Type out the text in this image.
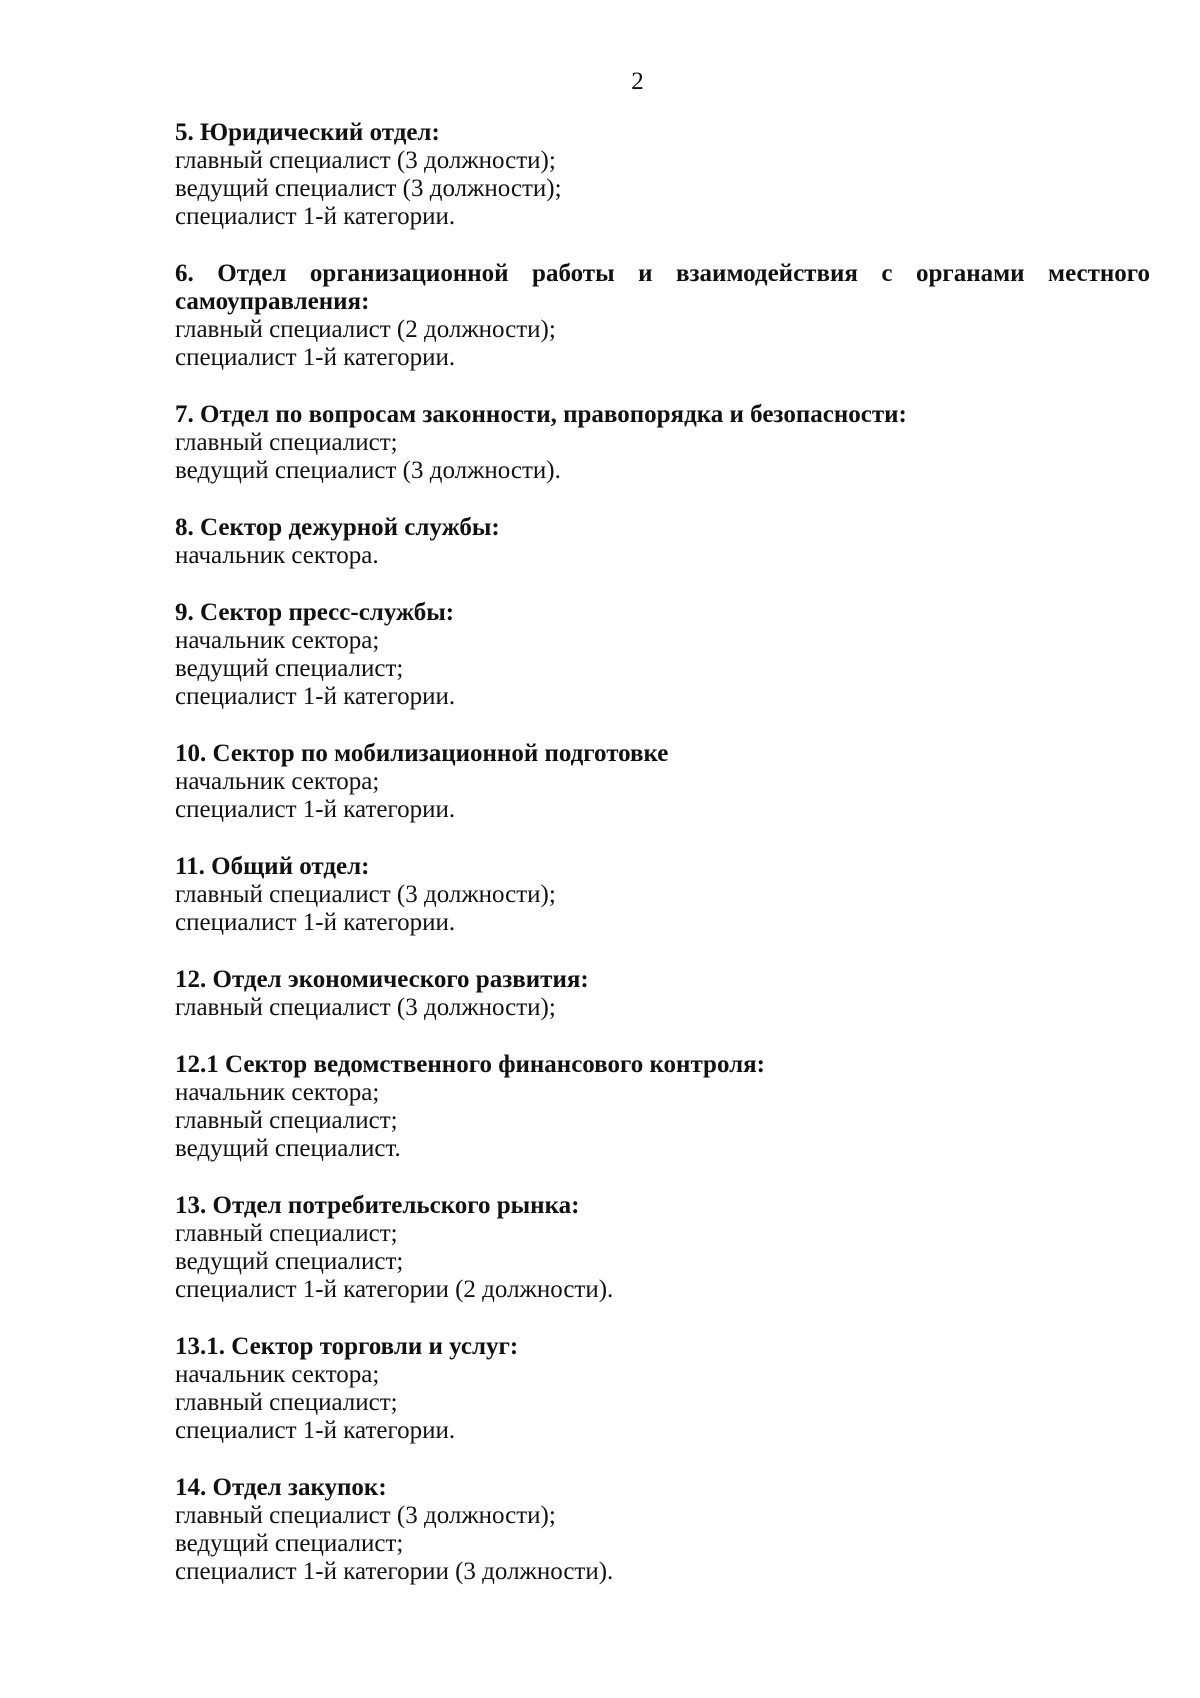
2

5. Юридический отдел:

главный специалист (3 должности);

ведущий специалист (3 должности);

специалист 1-й категории.

6. Отдел организационной работы и взаимодействия с органами местного самоуправления:

главный специалист (2 должности);

специалист 1-й категории.

7. Отдел по вопросам законности, правопорядка и безопасности:

главный специалист;

ведущий специалист (3 должности).

8. Сектор дежурной службы:

начальник сектора.

9. Сектор пресс-службы:

начальник сектора;

ведущий специалист;

специалист 1-й категории.

10. Сектор по мобилизационной подготовке

начальник сектора;

специалист 1-й категории.

11. Общий отдел:

главный специалист (3 должности);

специалист 1-й категории.

12. Отдел экономического развития:

главный специалист (3 должности);

12.1 Сектор ведомственного финансового контроля:

начальник сектора;

главный специалист;

ведущий специалист.

13. Отдел потребительского рынка:

главный специалист;

ведущий специалист;

специалист 1-й категории (2 должности).

13.1. Сектор торговли и услуг:

начальник сектора;

главный специалист;

специалист 1-й категории.

14. Отдел закупок:

главный специалист (3 должности);

ведущий специалист;

специалист 1-й категории (3 должности).
